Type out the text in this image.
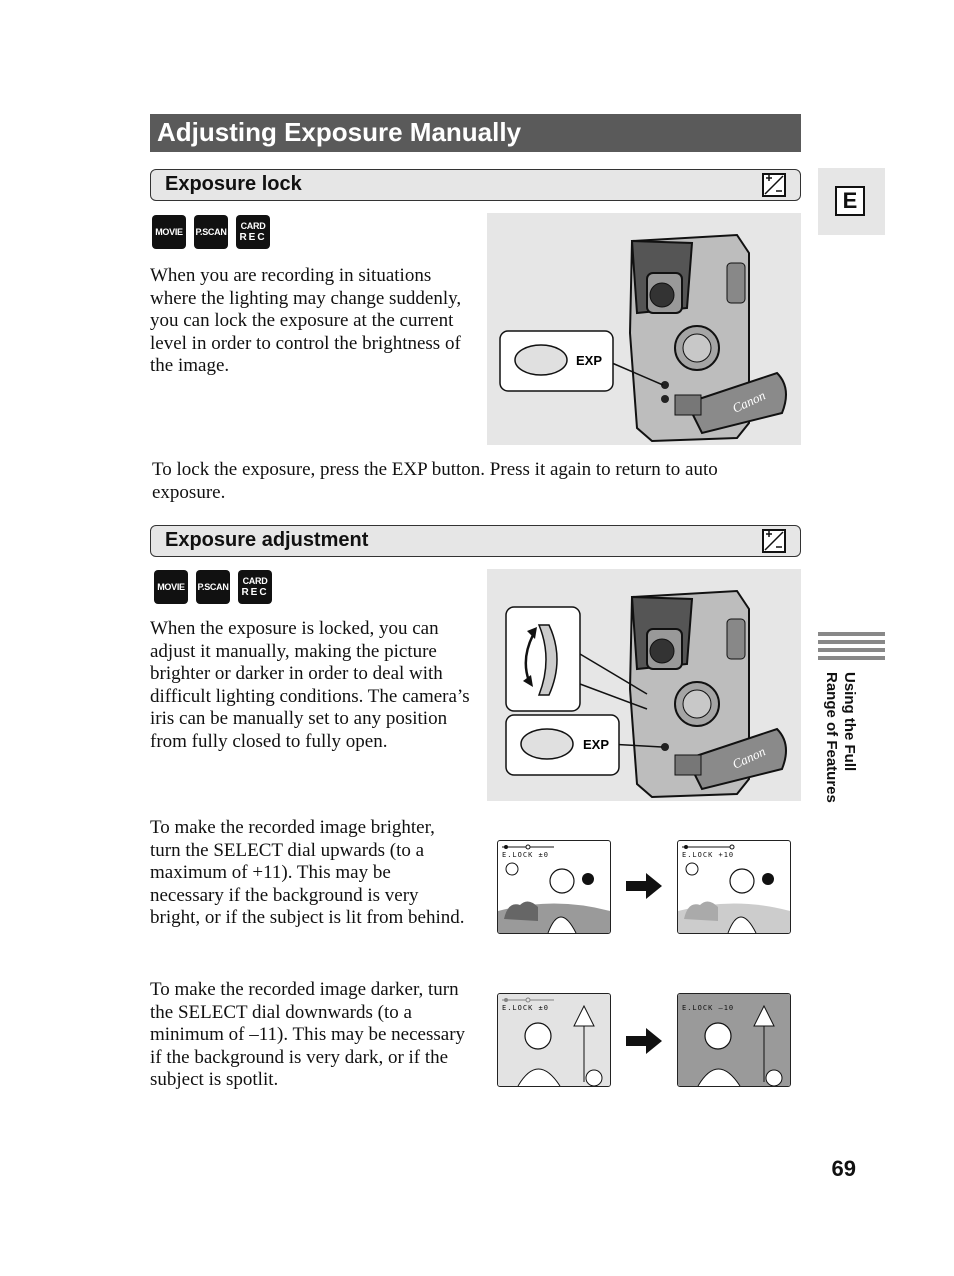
Adjusting Exposure Manually
Exposure lock
MOVIE P.SCAN
CARD
REC
When you are recording in situations where the lighting may change suddenly, you can lock the exposure at the current level in order to control the brightness of the image.
Canon
EXP
To lock the exposure, press the EXP button. Press it again to return to auto exposure.
Exposure adjustment
MOVIE P.SCAN
CARD
REC
When the exposure is locked, you can adjust it manually, making the picture brighter or darker in order to deal with difficult lighting conditions. The camera’s iris can be manually set to any position from fully closed to fully open.
Canon
EXP
To make the recorded image brighter, turn the SELECT dial upwards (to a maximum of +11). This may be necessary if the background is very bright, or if the subject is lit from behind.
E.LOCK ±0	E.LOCK +10
To make the recorded image darker, turn the SELECT dial downwards (to a minimum of –11). This may be necessary if the background is very dark, or if the subject is spotlit.
E.LOCK ±0	E.LOCK –10
E
Using the Full
Range of Features
69
